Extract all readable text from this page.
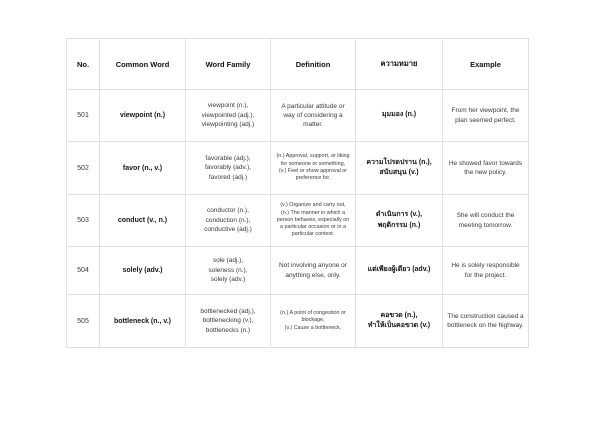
No.	Common Word	Word Family	Definition	ความหมาย	Example
501	viewpoint (n.)	viewpoint (n.),
viewpointed (adj.),
viewpointing (adj.)	A particular attitude or way of considering a matter.	มุมมอง (n.)	From her viewpoint, the plan seemed perfect.
502	favor (n., v.)	favorable (adj.),
favorably (adv.),
favored (adj.)	(n.) Approval, support, or liking for someone or something,
(v.) Feel or show approval or preference for.	ความโปรดปราน (n.),
สนับสนุน (v.)	He showed favor towards the new policy.
503	conduct (v., n.)	conductor (n.),
conduction (n.),
conductive (adj.)	(v.) Organize and carry out,
(n.) The manner in which a person behaves, especially on a particular occasion or in a particular context.	ดำเนินการ (v.),
พฤติกรรม (n.)	She will conduct the meeting tomorrow.
504	solely (adv.)	sole (adj.),
soleness (n.),
solely (adv.)	Not involving anyone or anything else, only.	แต่เพียงผู้เดียว (adv.)	He is solely responsible for the project.
505	bottleneck (n., v.)	bottlenecked (adj.),
bottlenecking (v.),
bottlenecks (n.)	(n.) A point of congestion or blockage,
(v.) Cause a bottleneck.	คอขวด (n.),
ทำให้เป็นคอขวด (v.)	The construction caused a bottleneck on the highway.
